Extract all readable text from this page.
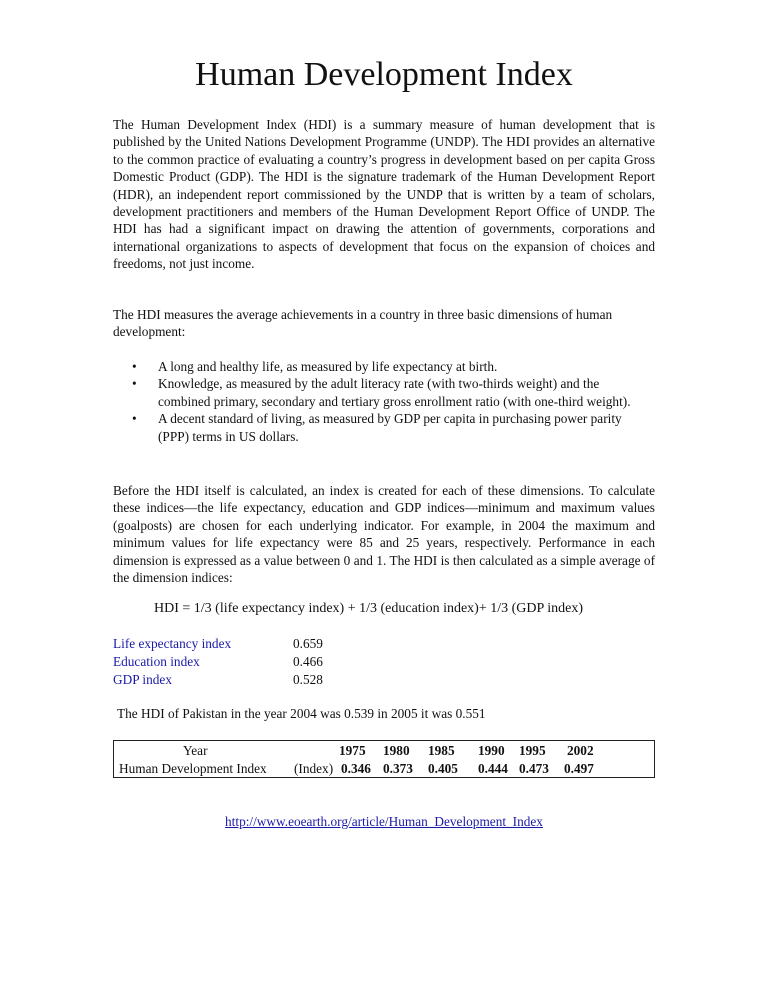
Human Development Index

The Human Development Index (HDI) is a summary measure of human development that is published by the United Nations Development Programme (UNDP). The HDI provides an alternative to the common practice of evaluating a country’s progress in development based on per capita Gross Domestic Product (GDP). The HDI is the signature trademark of the Human Development Report (HDR), an independent report commissioned by the UNDP that is written by a team of scholars, development practitioners and members of the Human Development Report Office of UNDP. The HDI has had a significant impact on drawing the attention of governments, corporations and international organizations to aspects of development that focus on the expansion of choices and freedoms, not just income.

The HDI measures the average achievements in a country in three basic dimensions of human development:

• A long and healthy life, as measured by life expectancy at birth.
• Knowledge, as measured by the adult literacy rate (with two-thirds weight) and the combined primary, secondary and tertiary gross enrollment ratio (with one-third weight).
• A decent standard of living, as measured by GDP per capita in purchasing power parity (PPP) terms in US dollars.

Before the HDI itself is calculated, an index is created for each of these dimensions. To calculate these indices—the life expectancy, education and GDP indices—minimum and maximum values (goalposts) are chosen for each underlying indicator. For example, in 2004 the maximum and minimum values for life expectancy were 85 and 25 years, respectively. Performance in each dimension is expressed as a value between 0 and 1. The HDI is then calculated as a simple average of the dimension indices:

HDI = 1/3 (life expectancy index) + 1/3 (education index)+ 1/3 (GDP index)

Life expectancy index	0.659
Education index	0.466
GDP index	0.528

The HDI of Pakistan in the year 2004 was 0.539 in 2005 it was 0.551

Year	1975 1980 1985 1990 1995 2002
Human Development Index (Index) 0.346 0.373 0.405 0.444 0.473 0.497
http://www.eoearth.org/article/Human_Development_Index
